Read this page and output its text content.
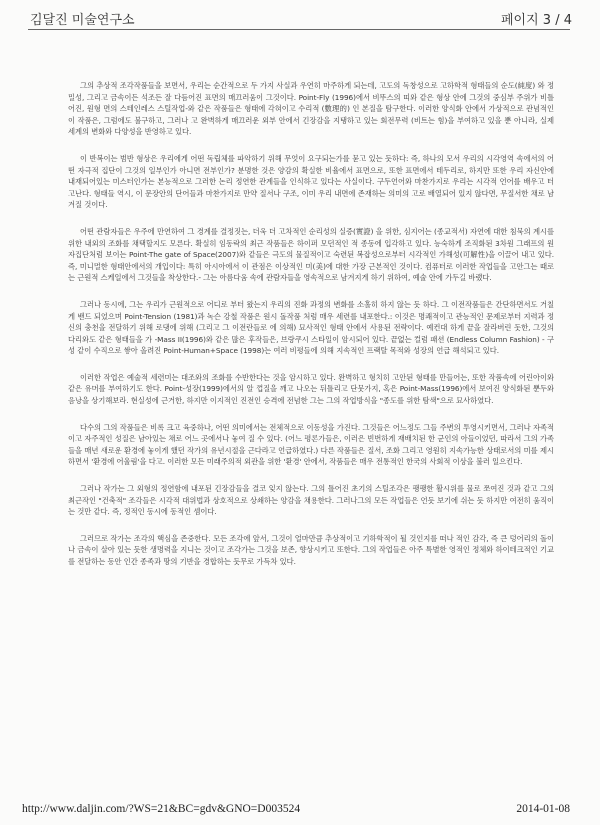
김달진 미술연구소	페이지 3 / 4

그의 추상적 조각작품들을 보면서, 우리는 순간적으로 두 가지 사실과 우연히 마주하게 되는데, 고도의 독창성으로 고하학적 형태들의 순도(純度) 와 정밀성, 그리고 금속이든 석조든 잘 다듬어진 표면의 매끄러움이 그것이다. Point-Fly (1996)에서 비뚜스의 띠와 같은 형상 안에 그것의 중심부 주위가 비틀어진, 원형 면의 스테인레스 스틸작업-와 같은 작품들은 형태에 각혀이고 수리적 (數理的) 인 본질을 탐구한다. 이러한 양식화 안에서 가상적으로 관념적인 이 작품은, 그럼에도 불구하고, 그러나 고 완벽하게 매끄러운 외부 안에서 긴장감을 지탱하고 있는 회전무력 (비트는 힘)을 부여하고 있을 뿐 아니라, 실제 세계의 변화와 다양성을 반영하고 있다.

이 반복이는 범반 형상은 우리에게 어떤 독립체를 파악하기 위해 무엇이 요구되는가를 묻고 있는 듯하다: 즉, 하나의 모서 우리의 시각영역 속에서의 어떤 자극적 집단이 그것의 일부인가 아니면 전부인가? 분명한 것은 양감의 확실한 비율에서 표면으로, 또한 표면에서 테두리로, 하지만 또한 우리 자신안에 내재되어있는 미스터인가는 본능적으로 그러한 논리 정연한 관계들을 인식하고 있다는 사실이다. 구두언어와 마찬가지로 우리는 시각적 언어를 배우고 터고난다. 형태들 역시, 이 문장안의 단어들과 마찬가지로 만약 질서나 구조, 이미 우리 내면에 존재하는 의미의 고로 배열되어 있지 않다면, 무질서한 채로 남겨질 것이다.

어떤 관람자들은 우주에 만연하여 그 경계를 결정짓는, 더욱 더 고차적인 순리성의 실증(實證) 을 위한, 심지어는 (종교적서) 자연에 대한 침묵의 계시를 위한 내외의 조화를 채택할지도 모른다. 확실히 임동락의 최근 작품들은 하이퍼 모던적인 적 종동에 입각하고 있다. 능숙하게 조직화된 3차원 그래프의 원자집단처럼 보이는 Point-The gate of Space(2007)와 같들은 극도의 물질적이고 숙련된 복잡성으로부터 시각적인 가해성(可解性)을 이끌어 내고 있다. 즉, 미니멀한 형태안에서의 개입이다: 특히 아시아에서 이 관점은 이상적인 미(美)에 대한 가장 근본적인 것이다. 컴퓨터로 이러한 작업들을 고안그는 때로는 근원적 스케일에서 그것들을 착상한다.- 그는 아름다움 속에 관람자들을 영속적으로 남겨지게 하기 위하여, 예술 안에 가두길 바랬다.

그러나 동시에, 그는 우리가 근원적으로 어디로 부터 왔는지 우리의 진화 과정의 변화를 소홀히 하지 않는 듯 하다. 그 이전작품들은 간단하면서도 거칠게 밴드 되었으며 Point-Tension (1981)과 녹슨 강철 작품은 원시 돌작품 처럼 매우 세련를 내포한다.: 이것은 명쾌적이고 관능적인 문제로부터 지력과 정신의 충천을 전달하기 위해 로댕에 위해 (그리고 그 이전란들로 에 의해) 묘사적인 형태 안에서 사용된 전략이다. 예컨대 하게 끝을 잘라버린 돗한, 그것의 다리와도 같은 형태들을 가 -Mass II(1996)와 같은 많은 후작들은, 브랑쿠시 스타일이 암시되어 있다. 끝없는 컬럼 패션 (Endless Column Fashion) - 구성 같이 수직으로 쌓아 올려진 Point-Human+Space (1998)는 여러 비평들에 의해 지속적인 프랙탈 목적와 성장의 언급 해석되고 있다.

이러한 작업은 예술적 세련미는 대조와의 조화를 수반한다는 것을 암시하고 있다. 완벽하고 형치히 고안된 형태를 만들어는, 또한 작품속에 어린아이와 같은 유머를 부여하기도 한다. Point-성장(1999)에서의 알 껍질을 깨고 나오는 뒤틀리고 단뭇가지, 혹은 Point-Mass(1996)에서 보여진 양식화된 뿐두와 음낭을 상기해보라. 현실성에 근거한, 하지만 이지적인 진전인 승격에 전념한 그는 그의 작업방식을 "종도를 위한 탐색"으로 묘사하였다.

다수의 그의 작품들은 비록 크고 육중하나, 어떤 의미에서는 전체적으로 이동성을 가진다. 그것들은 어느정도 그들 주변의 투영시키면서, 그러나 자족적이고 자주적인 성질은 남아있는 채로 어느 곳에서나 놓여 질 수 있다. (어느 평론가들은, 이러은 빈번하게 재배치된 한 군인의 아들이었던, 따라서 그의 가족들을 매년 새로운 환경에 놓이게 했던 작가의 유년시절을 근다라고 언급하였다.) 다른 작품들은 질서, 조화 그리고 영원히 지속가능한 상태로서의 미를 제시하면서 '환경에 어울림'을 다고. 이러한 모든 미래주의적 외관을 위한 '환경' 안에서, 작품들은 매우 전통적인 한국의 사회적 이상을 불러 일으킨다.

그러나 작가는 그 외형의 정연함에 내포된 긴장감들을 결코 잊지 않는다. 그의 틀어진 초기의 스틸조각은 팽팽한 활시위를 물로 쪼여진 것과 같고 그의 최근작인 "건축적" 조각들은 시각적 대위법과 상호적으로 상쇄하는 양감을 채용한다. 그러나그의 모든 작업들은 언듯 보기에 쉬는 듯 하지만 여전히 움직이는 것만 같다. 즉, 정적인 동시에 동적인 셈이다.

그러므로 작가는 조각의 핵심을 존중한다. 모든 조각에 앞서, 그것이 얼마만큼 추상적이고 기하학적이 될 것인지를 떠나 적인 감각, 즉 큰 덩어리의 돌이나 금속이 살아 있는 듯한 생명력을 지니는 것이고 조각가는 그것을 보존, 향상시키고 또한다. 그의 작업들은 아주 특별한 영적인 정체와 하이테크적인 기교를 전달하는 동안 인간 종족과 땅의 기반을 경합하는 듯무로 가득차 있다.

http://www.daljin.com/?WS=21&BC=gdv&GNO=D003524	2014-01-08
